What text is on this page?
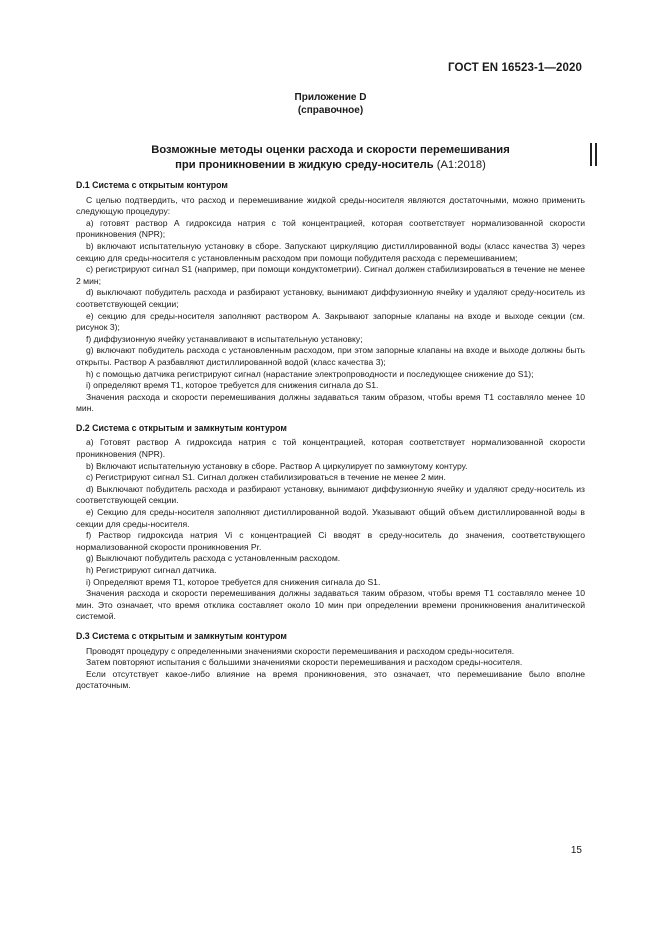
ГОСТ EN 16523-1—2020
Приложение D
(справочное)
Возможные методы оценки расхода и скорости перемешивания
при проникновении в жидкую среду-носитель (A1:2018)
D.1 Система с открытым контуром

С целью подтвердить, что расход и перемешивание жидкой среды-носителя являются достаточными, можно применить следующую процедуру:

а) готовят раствор А гидроксида натрия с той концентрацией, которая соответствует нормализованной скорости проникновения (NPR);

b) включают испытательную установку в сборе. Запускают циркуляцию дистиллированной воды (класс качества 3) через секцию для среды-носителя с установленным расходом при помощи побудителя расхода с перемешиванием;

c) регистрируют сигнал S1 (например, при помощи кондуктометрии). Сигнал должен стабилизироваться в течение не менее 2 мин;

d) выключают побудитель расхода и разбирают установку, вынимают диффузионную ячейку и удаляют среду-носитель из соответствующей секции;

e) секцию для среды-носителя заполняют раствором А. Закрывают запорные клапаны на входе и выходе секции (см. рисунок 3);

f) диффузионную ячейку устанавливают в испытательную установку;

g) включают побудитель расхода с установленным расходом, при этом запорные клапаны на входе и выходе должны быть открыты. Раствор А разбавляют дистиллированной водой (класс качества 3);

h) с помощью датчика регистрируют сигнал (нарастание электропроводности и последующее снижение до S1);

i) определяют время T1, которое требуется для снижения сигнала до S1.

Значения расхода и скорости перемешивания должны задаваться таким образом, чтобы время T1 составляло менее 10 мин.

D.2 Система с открытым и замкнутым контуром

а) Готовят раствор А гидроксида натрия с той концентрацией, которая соответствует нормализованной скорости проникновения (NPR).

b) Включают испытательную установку в сборе. Раствор А циркулирует по замкнутому контуру.

c) Регистрируют сигнал S1. Сигнал должен стабилизироваться в течение не менее 2 мин.

d) Выключают побудитель расхода и разбирают установку, вынимают диффузионную ячейку и удаляют среду-носитель из соответствующей секции.

e) Секцию для среды-носителя заполняют дистиллированной водой. Указывают общий объем дистиллированной воды в секции для среды-носителя.

f) Раствор гидроксида натрия Vi с концентрацией Ci вводят в среду-носитель до значения, соответствующего нормализованной скорости проникновения Pr.

g) Выключают побудитель расхода с установленным расходом.

h) Регистрируют сигнал датчика.

i) Определяют время T1, которое требуется для снижения сигнала до S1.

Значения расхода и скорости перемешивания должны задаваться таким образом, чтобы время T1 составляло менее 10 мин. Это означает, что время отклика составляет около 10 мин при определении времени проникновения аналитической системой.

D.3 Система с открытым и замкнутым контуром

Проводят процедуру с определенными значениями скорости перемешивания и расходом среды-носителя.

Затем повторяют испытания с большими значениями скорости перемешивания и расходом среды-носителя.

Если отсутствует какое-либо влияние на время проникновения, это означает, что перемешивание было вполне достаточным.

15
